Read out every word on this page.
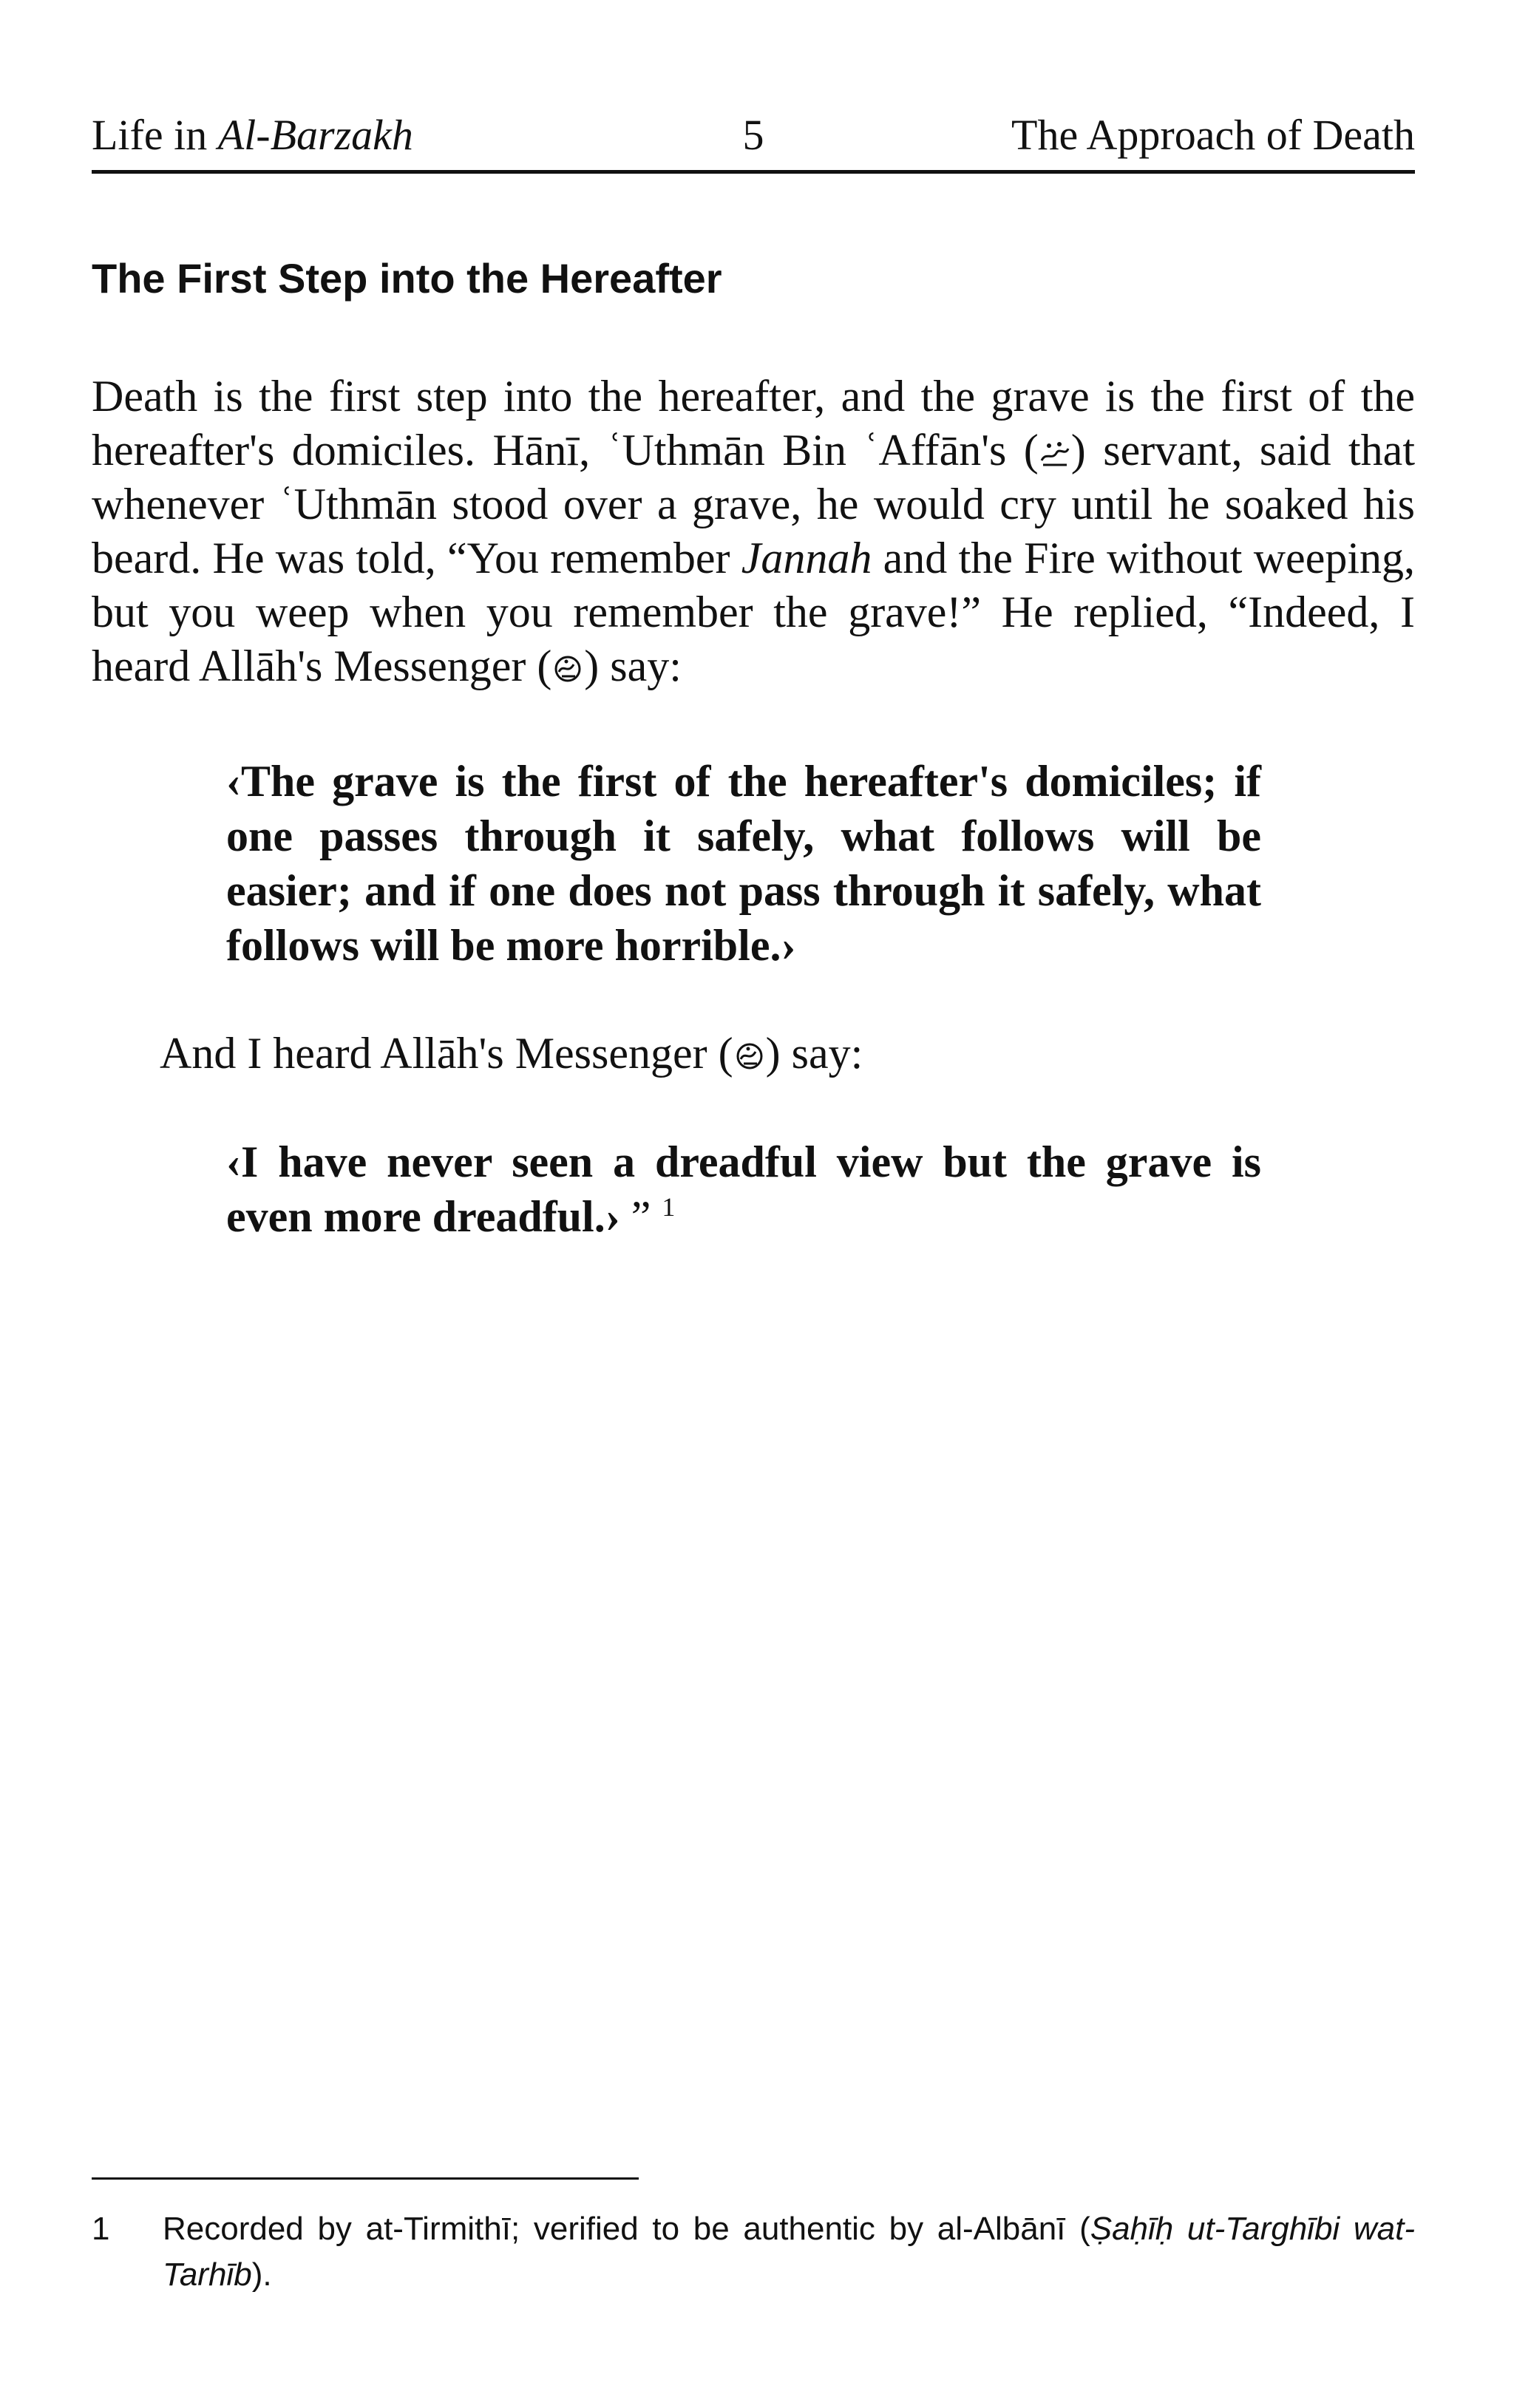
Life in Al-Barzakh	5	The Approach of Death
The First Step into the Hereafter

Death is the first step into the hereafter, and the grave is the first of the hereafter's domiciles. Hānī, ʿUthmān Bin ʿAffān's ( ) servant, said that whenever ʿUthmān stood over a grave, he would cry until he soaked his beard. He was told, “You remember Jannah and the Fire without weeping, but you weep when you remember the grave!” He replied, “Indeed, I heard Allāh's Messenger ( ) say:

‹The grave is the first of the hereafter's domiciles; if one passes through it safely, what follows will be easier; and if one does not pass through it safely, what follows will be more horrible.›

And I heard Allāh's Messenger ( ) say:

‹I have never seen a dreadful view but the grave is even more dreadful.› ” $^1$

1 Recorded by at-Tirmithī; verified to be authentic by al-Albānī (Ṣaḥīḥ ut-Targhībi wat-Tarhīb).
